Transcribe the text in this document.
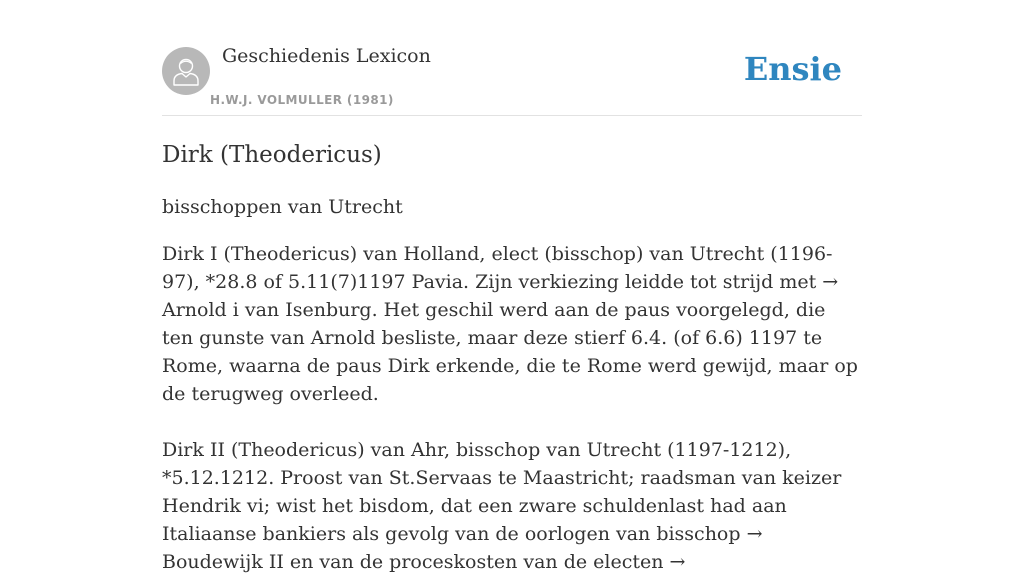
Geschiedenis Lexicon
H.W.J. VOLMULLER (1981)
Ensie
Dirk (Theodericus)

bisschoppen van Utrecht

Dirk I (Theodericus) van Holland, elect (bisschop) van Utrecht (1196-97), *28.8 of 5.11(7)1197 Pavia. Zijn verkiezing leidde tot strijd met → Arnold i van Isenburg. Het geschil werd aan de paus voorgelegd, die ten gunste van Arnold besliste, maar deze stierf 6.4. (of 6.6) 1197 te Rome, waarna de paus Dirk erkende, die te Rome werd gewijd, maar op de terugweg overleed.

Dirk II (Theodericus) van Ahr, bisschop van Utrecht (1197-1212), *5.12.1212. Proost van St.Servaas te Maastricht; raadsman van keizer Hendrik vi; wist het bisdom, dat een zware schuldenlast had aan Italiaanse bankiers als gevolg van de oorlogen van bisschop → Boudewijk II en van de proceskosten van de electen →
